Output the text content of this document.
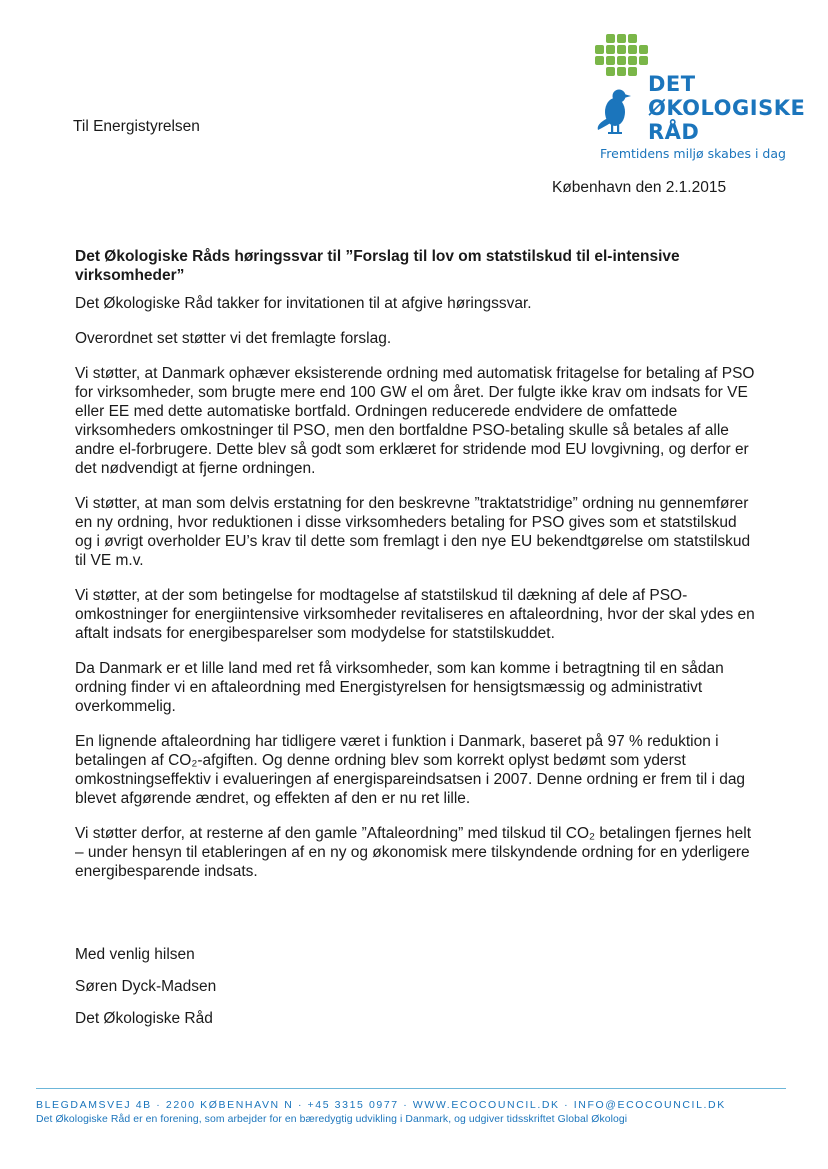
DET
ØKOLOGISKE
RÅD
Fremtidens miljø skabes i dag
Til Energistyrelsen
København den 2.1.2015
Det Økologiske Råds høringssvar til ”Forslag til lov om statstilskud til el-intensive virksomheder”
Det Økologiske Råd takker for invitationen til at afgive høringssvar.
Overordnet set støtter vi det fremlagte forslag.
Vi støtter, at Danmark ophæver eksisterende ordning med automatisk fritagelse for betaling af PSO for virksomheder, som brugte mere end 100 GW el om året. Der fulgte ikke krav om indsats for VE eller EE med dette automatiske bortfald. Ordningen reducerede endvidere de omfattede virksomheders omkostninger til PSO, men den bortfaldne PSO-betaling skulle så betales af alle andre el-forbrugere. Dette blev så godt som erklæret for stridende mod EU lovgivning, og derfor er det nødvendigt at fjerne ordningen.
Vi støtter, at man som delvis erstatning for den beskrevne ”traktatstridige” ordning nu gennemfører en ny ordning, hvor reduktionen i disse virksomheders betaling for PSO gives som et statstilskud og i øvrigt overholder EU’s krav til dette som fremlagt i den nye EU bekendtgørelse om statstilskud til VE m.v.
Vi støtter, at der som betingelse for modtagelse af statstilskud til dækning af dele af PSO-omkostninger for energiintensive virksomheder revitaliseres en aftaleordning, hvor der skal ydes en aftalt indsats for energibesparelser som modydelse for statstilskuddet.
Da Danmark er et lille land med ret få virksomheder, som kan komme i betragtning til en sådan ordning finder vi en aftaleordning med Energistyrelsen for hensigtsmæssig og administrativt overkommelig.
En lignende aftaleordning har tidligere været i funktion i Danmark, baseret på 97 % reduktion i betalingen af CO₂-afgiften. Og denne ordning blev som korrekt oplyst bedømt som yderst omkostningseffektiv i evalueringen af energispareindsatsen i 2007. Denne ordning er frem til i dag blevet afgørende ændret, og effekten af den er nu ret lille.
Vi støtter derfor, at resterne af den gamle ”Aftaleordning” med tilskud til CO₂ betalingen fjernes helt – under hensyn til etableringen af en ny og økonomisk mere tilskyndende ordning for en yderligere energibesparende indsats.
Med venlig hilsen
Søren Dyck-Madsen
Det Økologiske Råd
BLEGDAMSVEJ 4B · 2200 KØBENHAVN N · +45 3315 0977 · WWW.ECOCOUNCIL.DK · INFO@ECOCOUNCIL.DK
Det Økologiske Råd er en forening, som arbejder for en bæredygtig udvikling i Danmark, og udgiver tidsskriftet Global Økologi
